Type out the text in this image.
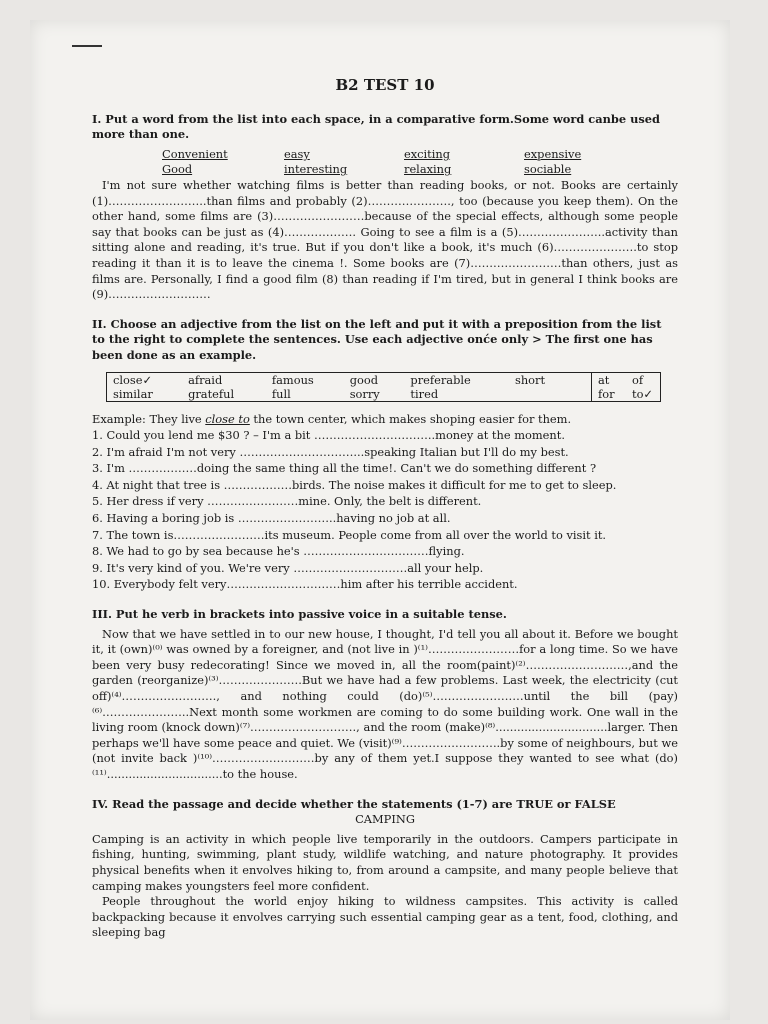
B2 TEST 10
I. Put a word from the list into each space, in a comparative form.Some word canbe used more than one.
Convenient	easy	exciting	expensive
Good	interesting	relaxing	sociable
I'm not sure whether watching films is better than reading books, or not. Books are certainly (1)……………………..than films and probably (2)…………………., too (because you keep them). On the other hand, some films are (3)……………………because of the special effects, although some people say that books can be just as (4)………………. Going to see a film is a (5)…………………..activity than sitting alone and reading, it's true. But if you don't like a book, it's much (6)………………….to stop reading it than it is to leave the cinema !. Some books are (7)……………………than others, just as films are. Personally, I find a good film (8) than reading if I'm tired, but in general I think books are (9)………………………
II. Choose an adjective from the list on the left and put it with a preposition from the list to the right to complete the sentences. Use each adjective onće only > The first one has been done as an example.
close✓	afraid	famous	good	preferable	short	at	of
similar	grateful	full	sorry	tired		for	to✓
Example: They live close to the town center, which makes shoping easier for them.
1. Could you lend me $30 ? – I'm a bit …………………………..money at the moment.
2. I'm afraid I'm not very …………………………...speaking Italian but I'll do my best.
3. I'm ………………doing the same thing all the time!. Can't we do something different ?
4. At night that tree is ………………birds. The noise makes it difficult for me to get to sleep.
5. Her dress if very ……………………mine. Only, the belt is different.
6. Having a boring job is ……………………..having no job at all.
7. The town is……………………its museum. People come from all over the world to visit it.
8. We had to go by sea because he's ……………………………flying.
9. It's very kind of you. We're very …………………………all your help.
10. Everybody felt very…………………………him after his terrible accident.
III. Put he verb in brackets into passive voice in a suitable tense.
Now that we have settled in to our new house, I thought, I'd tell you all about it. Before we bought it, it (own)⁽⁰⁾ was owned by a foreigner, and (not live in )⁽¹⁾……………………for a long time. So we have been very busy redecorating! Since we moved in, all the room(paint)⁽²⁾………………………,and the garden (reorganize)⁽³⁾………………….But we have had a few problems. Last week, the electricity (cut off)⁽⁴⁾……………………., and nothing could (do)⁽⁵⁾……………………until the bill (pay)⁽⁶⁾…………………..Next month some workmen are coming to do some building work. One wall in the living room (knock down)⁽⁷⁾………………………., and the room (make)⁽⁸⁾...............................larger. Then perhaps we'll have some peace and quiet. We (visit)⁽⁹⁾……………………..by some of neighbours, but we (not invite back )⁽¹⁰⁾………………………by any of them yet.I suppose they wanted to see what (do)⁽¹¹⁾................................to the house.
IV. Read the passage and decide whether the statements (1-7) are TRUE or FALSE
CAMPING
Camping is an activity in which people live temporarily in the outdoors. Campers participate in fishing, hunting, swimming, plant study, wildlife watching, and nature photography. It provides physical benefits when it envolves hiking to, from around a campsite, and many people believe that camping makes youngsters feel more confident.
People throughout the world enjoy hiking to wildness campsites. This activity is called backpacking because it envolves carrying such essential camping gear as a tent, food, clothing, and sleeping bag
